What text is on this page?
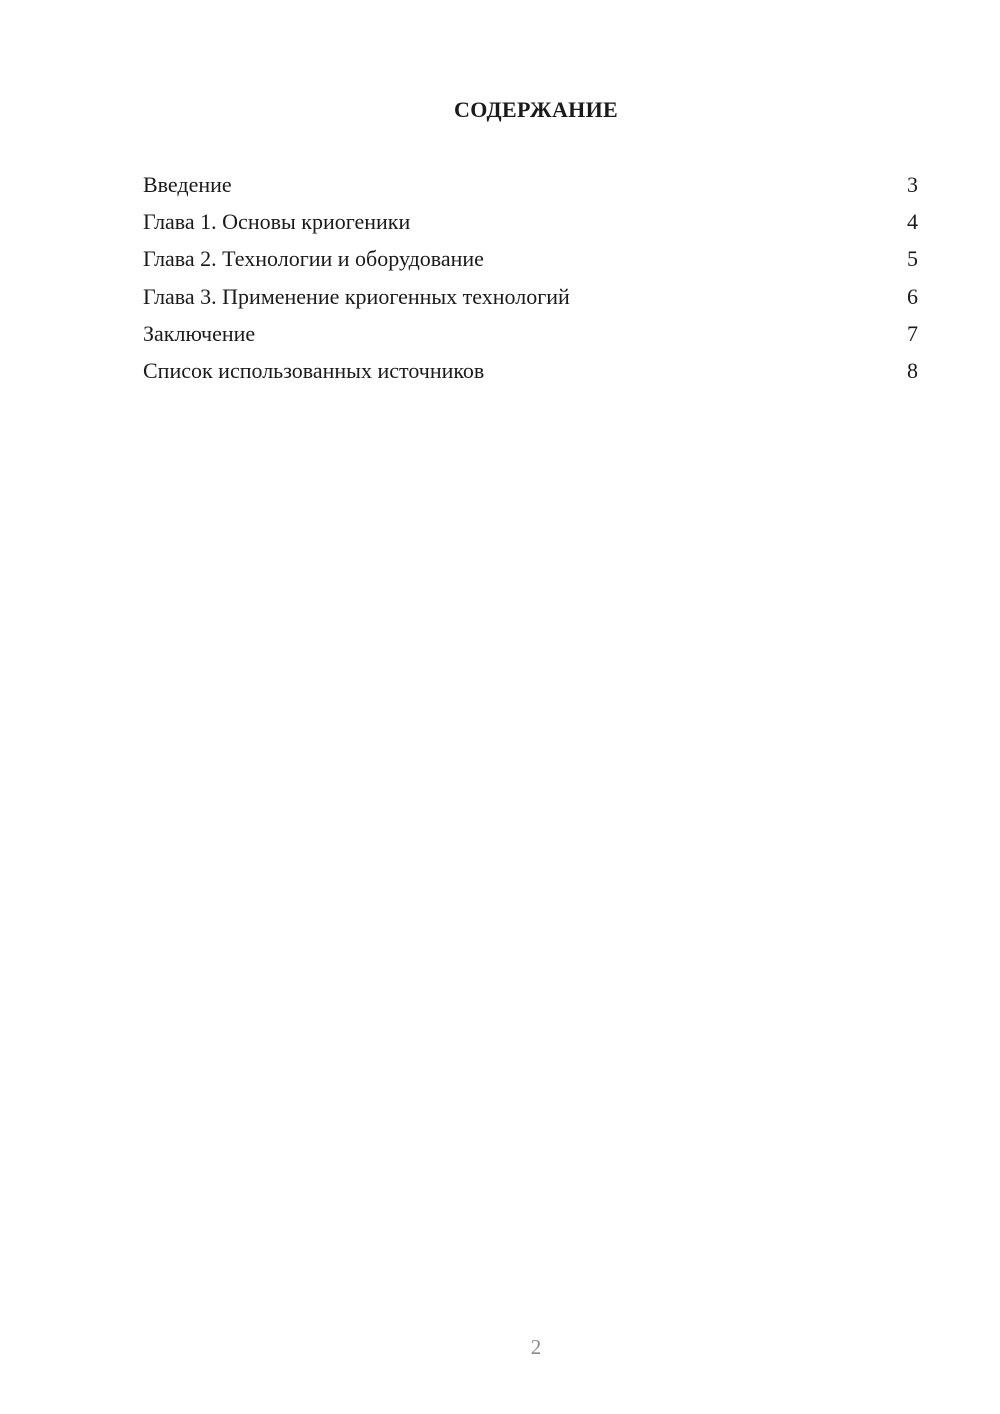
СОДЕРЖАНИЕ
Введение	3
Глава 1. Основы криогеники	4
Глава 2. Технологии и оборудование	5
Глава 3. Применение криогенных технологий	6
Заключение	7
Список использованных источников	8
2
